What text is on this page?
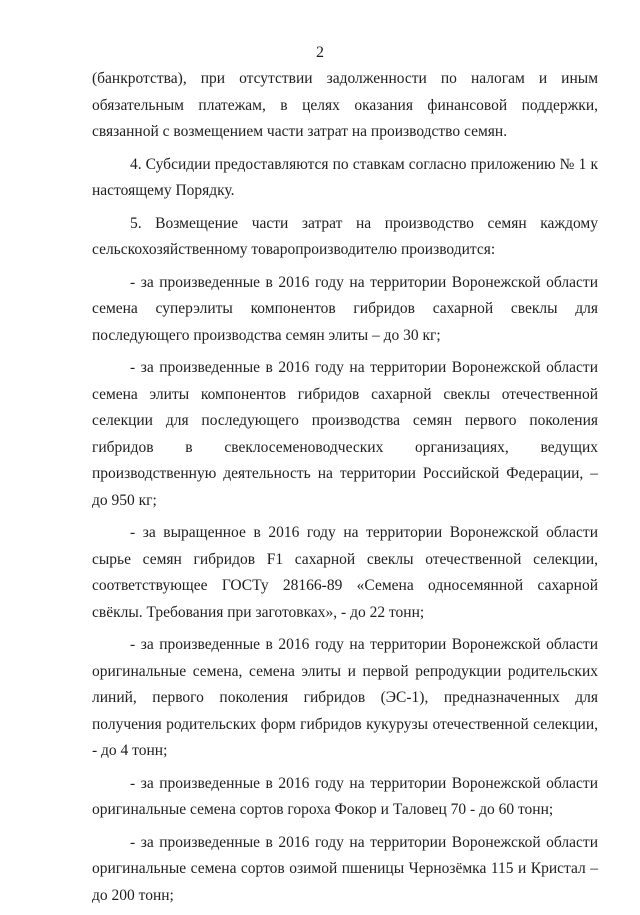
2

(банкротства), при отсутствии задолженности по налогам и иным обязательным платежам, в целях оказания финансовой поддержки, связанной с возмещением части затрат на производство семян.

4. Субсидии предоставляются по ставкам согласно приложению № 1 к настоящему Порядку.

5. Возмещение части затрат на производство семян каждому сельскохозяйственному товаропроизводителю производится:

- за произведенные в 2016 году на территории Воронежской области семена суперэлиты компонентов гибридов сахарной свеклы для последующего производства семян элиты – до 30 кг;

- за произведенные в 2016 году на территории Воронежской области семена элиты компонентов гибридов сахарной свеклы отечественной селекции для последующего производства семян первого поколения гибридов в свеклосеменоводческих организациях, ведущих производственную деятельность на территории Российской Федерации, – до 950 кг;

- за выращенное в 2016 году на территории Воронежской области сырье семян гибридов F1 сахарной свеклы отечественной селекции, соответствующее ГОСТу 28166-89 «Семена односемянной сахарной свёклы. Требования при заготовках», - до 22 тонн;

- за произведенные в 2016 году на территории Воронежской области оригинальные семена, семена элиты и первой репродукции родительских линий, первого поколения гибридов (ЭС-1), предназначенных для получения родительских форм гибридов кукурузы отечественной селекции, - до 4 тонн;

- за произведенные в 2016 году на территории Воронежской области оригинальные семена сортов гороха Фокор и Таловец 70 - до 60 тонн;

- за произведенные в 2016 году на территории Воронежской области оригинальные семена сортов озимой пшеницы Чернозёмка 115 и Кристал – до 200 тонн;
